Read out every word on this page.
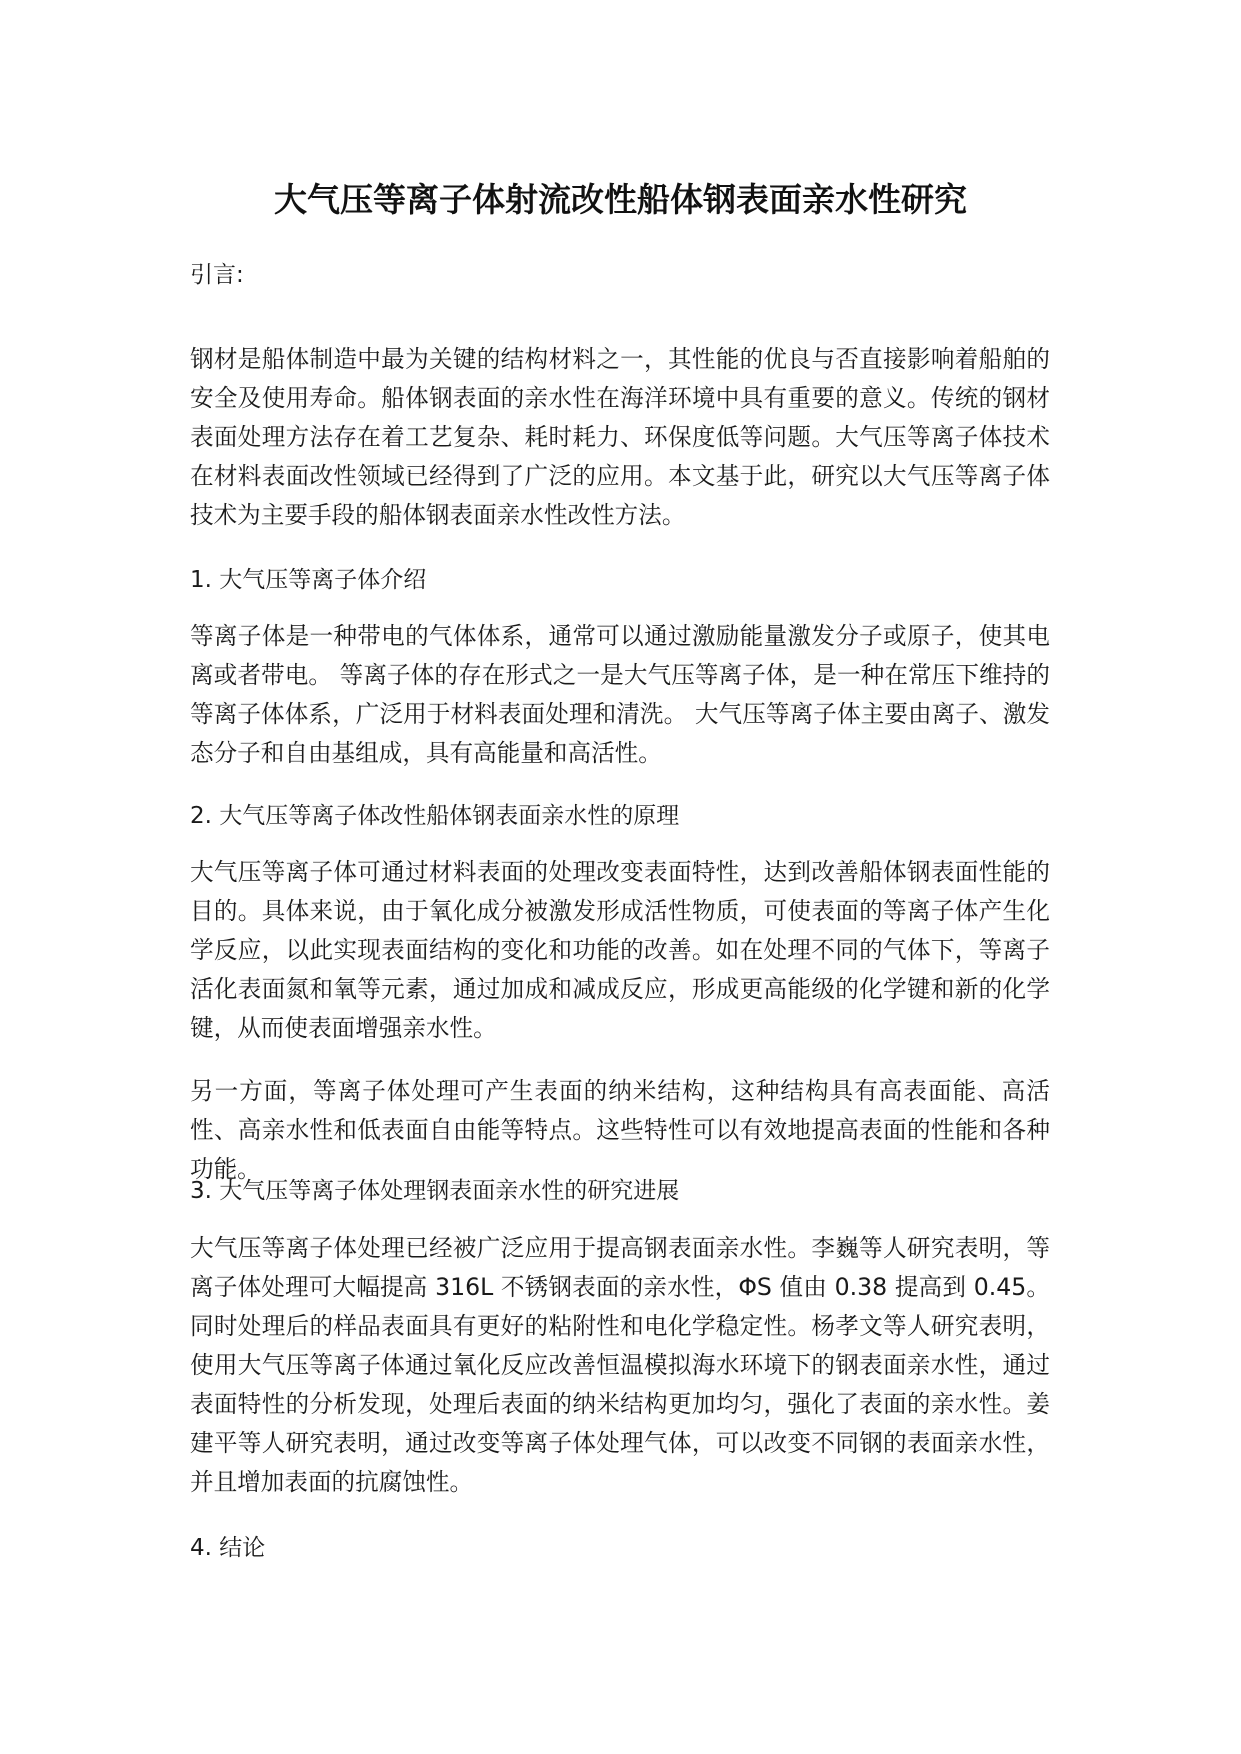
大气压等离子体射流改性船体钢表面亲水性研究

引言:

钢材是船体制造中最为关键的结构材料之一，其性能的优良与否直接影响着船舶的安全及使用寿命。船体钢表面的亲水性在海洋环境中具有重要的意义。传统的钢材表面处理方法存在着工艺复杂、耗时耗力、环保度低等问题。大气压等离子体技术在材料表面改性领域已经得到了广泛的应用。本文基于此，研究以大气压等离子体技术为主要手段的船体钢表面亲水性改性方法。

1. 大气压等离子体介绍

等离子体是一种带电的气体体系，通常可以通过激励能量激发分子或原子，使其电离或者带电。 等离子体的存在形式之一是大气压等离子体，是一种在常压下维持的等离子体体系，广泛用于材料表面处理和清洗。 大气压等离子体主要由离子、激发态分子和自由基组成，具有高能量和高活性。

2. 大气压等离子体改性船体钢表面亲水性的原理

大气压等离子体可通过材料表面的处理改变表面特性，达到改善船体钢表面性能的目的。具体来说，由于氧化成分被激发形成活性物质，可使表面的等离子体产生化学反应，以此实现表面结构的变化和功能的改善。如在处理不同的气体下，等离子活化表面氮和氧等元素，通过加成和减成反应，形成更高能级的化学键和新的化学键，从而使表面增强亲水性。

另一方面，等离子体处理可产生表面的纳米结构，这种结构具有高表面能、高活性、高亲水性和低表面自由能等特点。这些特性可以有效地提高表面的性能和各种功能。

3. 大气压等离子体处理钢表面亲水性的研究进展

大气压等离子体处理已经被广泛应用于提高钢表面亲水性。李巍等人研究表明，等离子体处理可大幅提高 316L 不锈钢表面的亲水性，ΦS 值由 0.38 提高到 0.45。同时处理后的样品表面具有更好的粘附性和电化学稳定性。杨孝文等人研究表明，使用大气压等离子体通过氧化反应改善恒温模拟海水环境下的钢表面亲水性，通过表面特性的分析发现，处理后表面的纳米结构更加均匀，强化了表面的亲水性。姜建平等人研究表明，通过改变等离子体处理气体，可以改变不同钢的表面亲水性，并且增加表面的抗腐蚀性。

4. 结论
